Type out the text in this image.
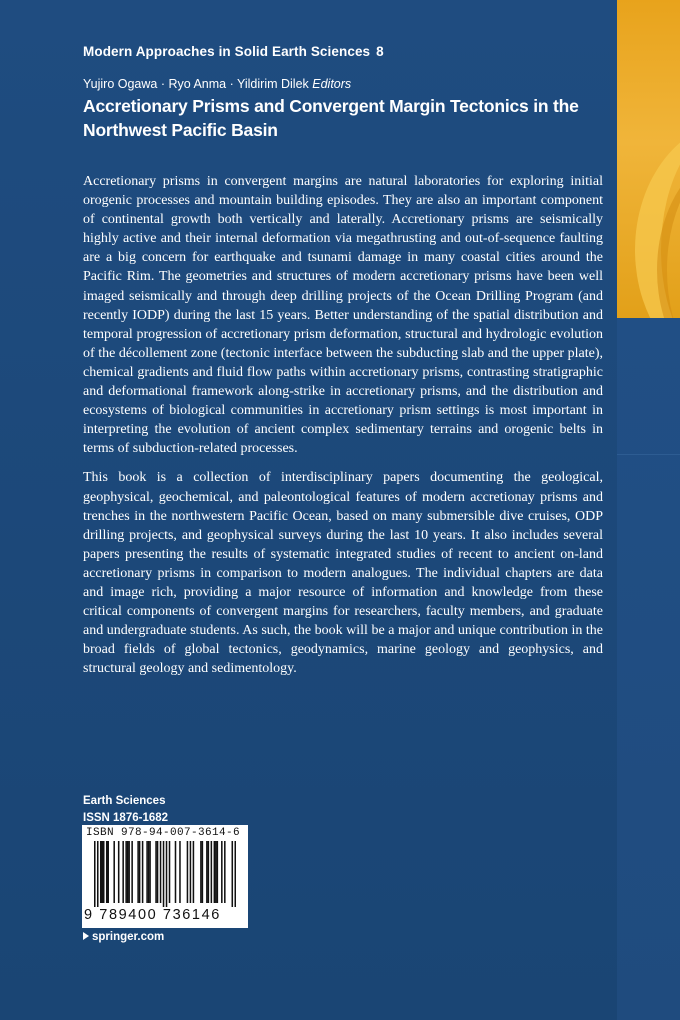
Modern Approaches in Solid Earth Sciences 8
Yujiro Ogawa · Ryo Anma · Yildirim Dilek Editors
Accretionary Prisms and Convergent Margin Tectonics in the Northwest Pacific Basin

Accretionary prisms in convergent margins are natural laboratories for exploring initial orogenic processes and mountain building episodes. They are also an important component of continental growth both vertically and laterally. Accretionary prisms are seismically highly active and their internal deformation via megathrusting and out-of-sequence faulting are a big concern for earthquake and tsunami damage in many coastal cities around the Pacific Rim. The geometries and structures of modern accretionary prisms have been well imaged seismically and through deep drilling projects of the Ocean Drilling Program (and recently IODP) during the last 15 years. Better understanding of the spatial distribution and temporal progression of accretionary prism deformation, structural and hydrologic evolution of the décollement zone (tectonic interface between the subducting slab and the upper plate), chemical gradients and fluid flow paths within accretionary prisms, contrasting stratigraphic and deformational framework along-strike in accretionary prisms, and the distribution and ecosystems of biological communities in accretionary prism settings is most important in interpreting the evolution of ancient complex sedimentary terrains and orogenic belts in terms of subduction-related processes.

This book is a collection of interdisciplinary papers documenting the geological, geophysical, geochemical, and paleontological features of modern accretionay prisms and trenches in the northwestern Pacific Ocean, based on many submersible dive cruises, ODP drilling projects, and geophysical surveys during the last 10 years. It also includes several papers presenting the results of systematic integrated studies of recent to ancient on-land accretionary prisms in comparison to modern analogues. The individual chapters are data and image rich, providing a major resource of information and knowledge from these critical components of convergent margins for researchers, faculty members, and graduate and undergraduate students. As such, the book will be a major and unique contribution in the broad fields of global tectonics, geodynamics, marine geology and geophysics, and structural geology and sedimentology.

Earth Sciences
ISSN 1876-1682
ISBN 978-94-007-3614-6
9 789400 736146
springer.com
